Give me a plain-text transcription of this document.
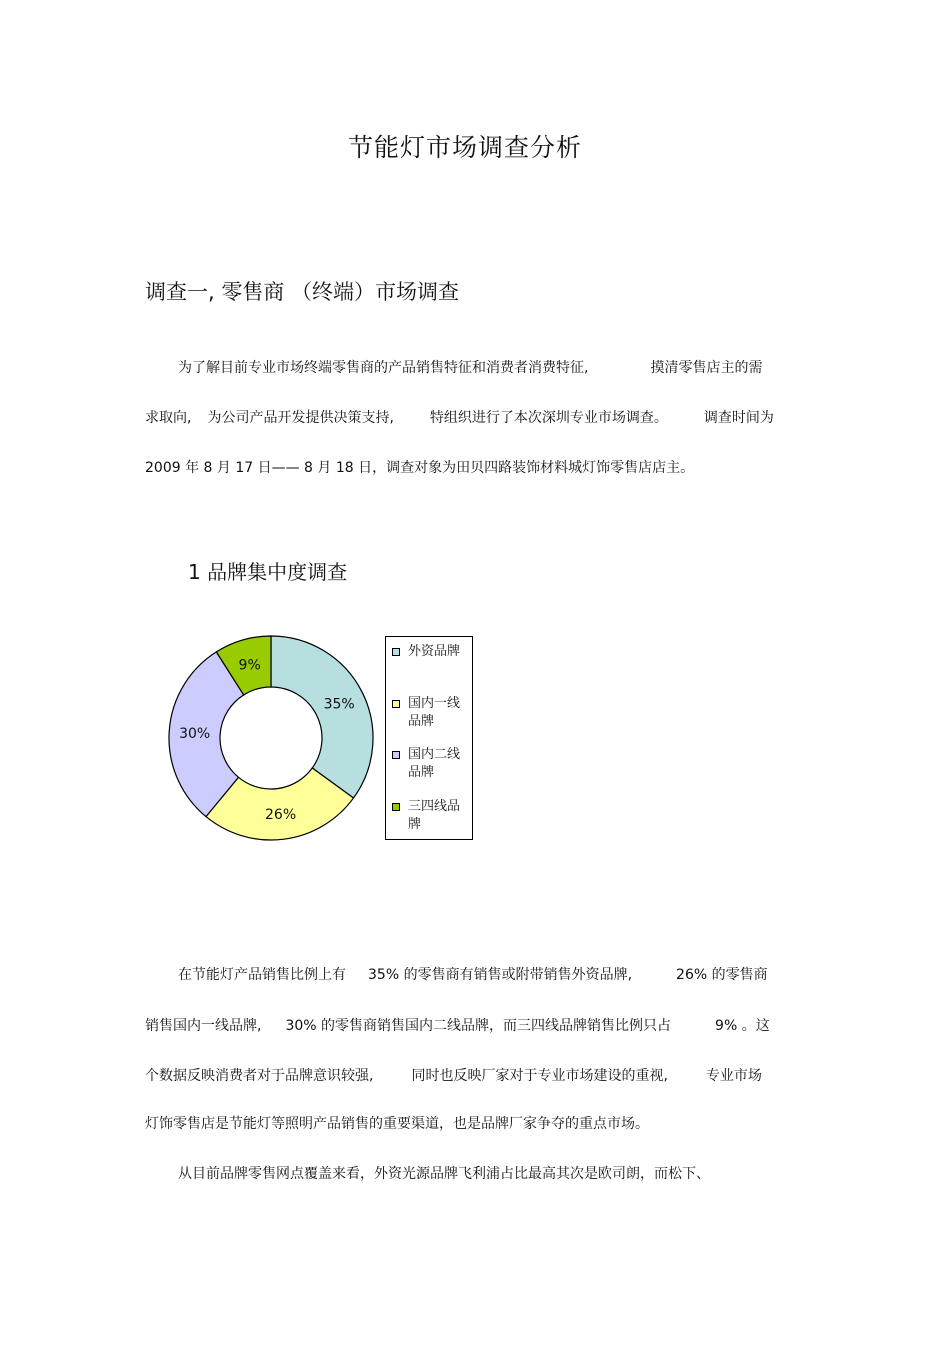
节能灯市场调查分析
调查一, 零售商 （终端）市场调查
为了解目前专业市场终端零售商的产品销售特征和消费者消费特征,	摸清零售店主的需
求取向, 为公司产品开发提供决策支持,	特组织进行了本次深圳专业市场调查。	调查时间为
2009 年 8 月 17 日—— 8 月 18 日，调查对象为田贝四路装饰材料城灯饰零售店店主。
1 品牌集中度调查
35%
26%
30%
9%
外资品牌
国内一线品牌
国内二线品牌
三四线品牌
在节能灯产品销售比例上有 35% 的零售商有销售或附带销售外资品牌,	26% 的零售商
销售国内一线品牌, 30% 的零售商销售国内二线品牌，而三四线品牌销售比例只占	9% 。这
个数据反映消费者对于品牌意识较强,	同时也反映厂家对于专业市场建设的重视,	专业市场
灯饰零售店是节能灯等照明产品销售的重要渠道，也是品牌厂家争夺的重点市场。
从目前品牌零售网点覆盖来看，外资光源品牌飞利浦占比最高其次是欧司朗，而松下、
